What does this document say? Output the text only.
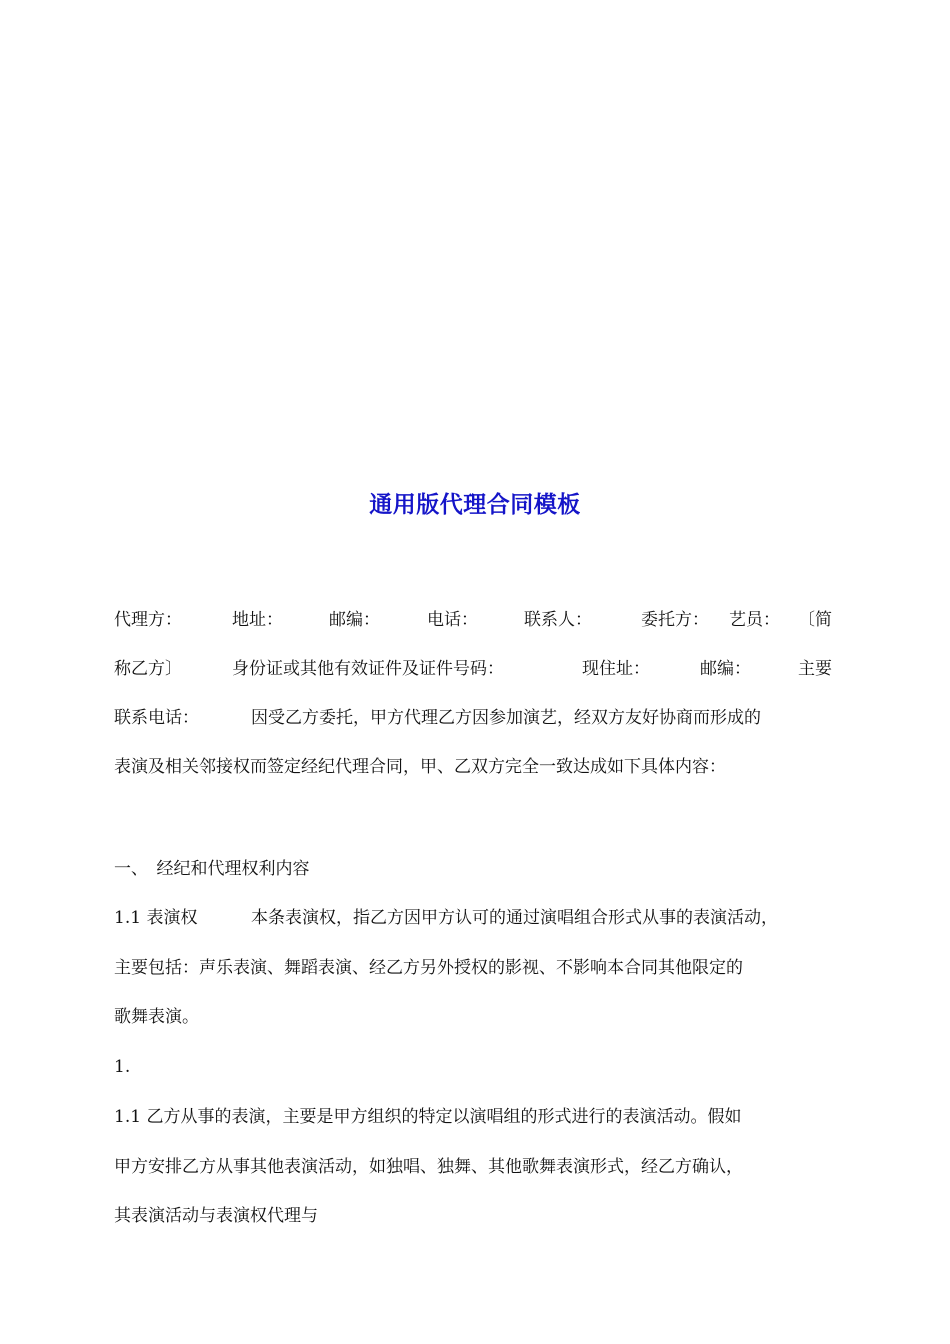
通用版代理合同模板
代理方：	地址：	邮编：	电话：	联系人：	委托方： 艺员： 〔简
称乙方〕	身份证或其他有效证件及证件号码：	现住址：	邮编：	主要
联系电话：	因受乙方委托，甲方代理乙方因参加演艺，经双方友好协商而形成的
表演及相关邻接权而签定经纪代理合同，甲、乙双方完全一致达成如下具体内容：
一、　经纪和代理权利内容
1.1 表演权	本条表演权，指乙方因甲方认可的通过演唱组合形式从事的表演活动，
主要包括：声乐表演、舞蹈表演、经乙方另外授权的影视、不影响本合同其他限定的
歌舞表演。
1.
1.1 乙方从事的表演，主要是甲方组织的特定以演唱组的形式进行的表演活动。假如
甲方安排乙方从事其他表演活动，如独唱、独舞、其他歌舞表演形式，经乙方确认，
其表演活动与表演权代理与
